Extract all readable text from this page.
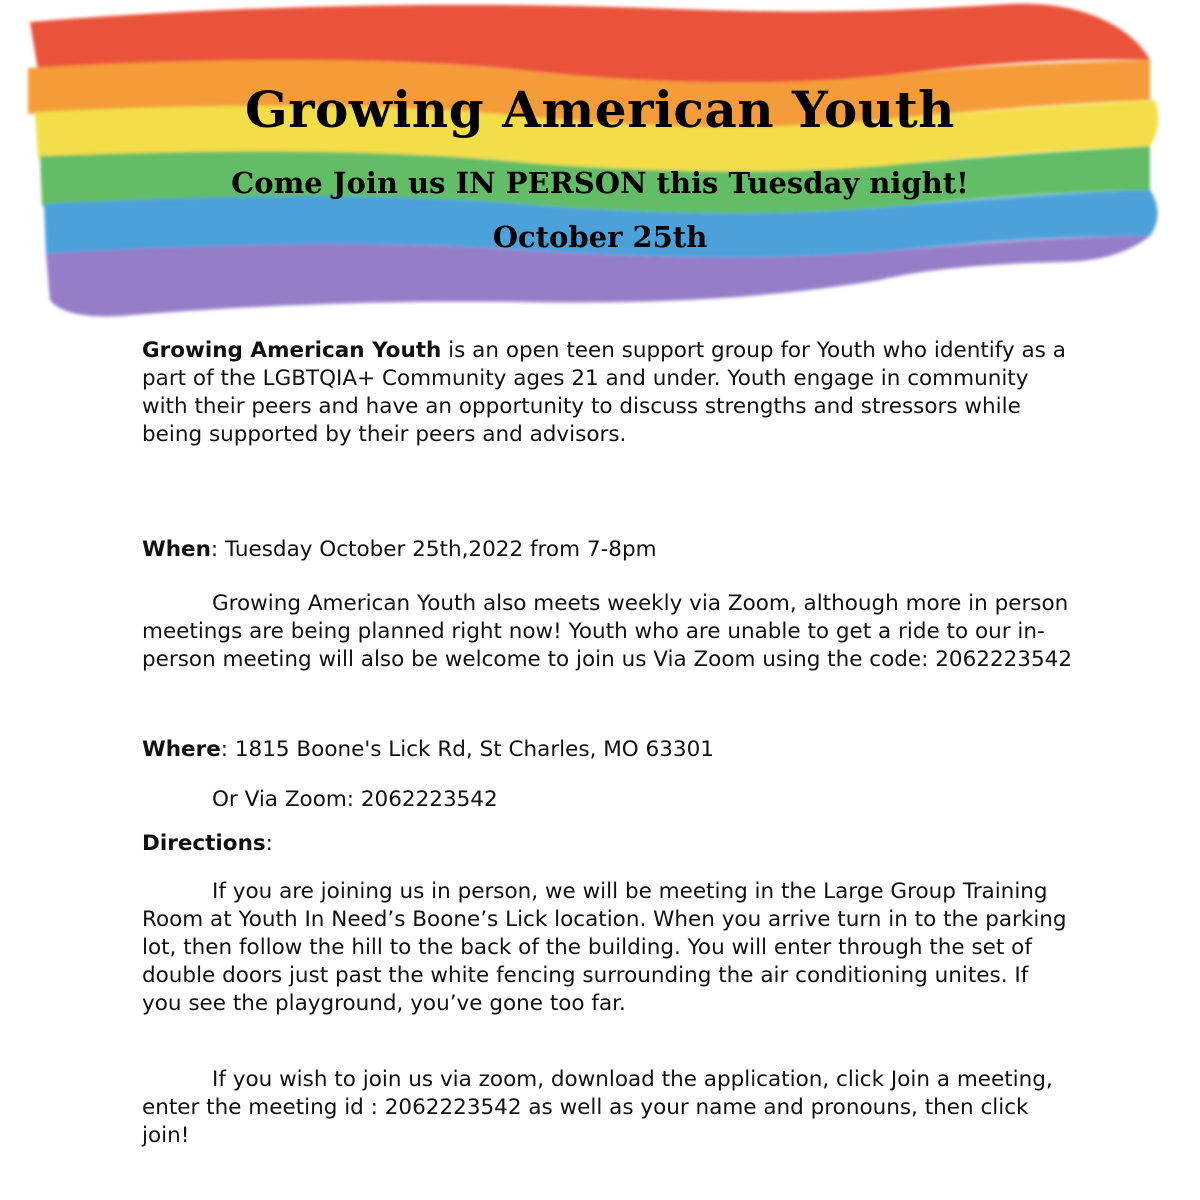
Growing American Youth
Come Join us IN PERSON this Tuesday night!
October 25th

Growing American Youth is an open teen support group for Youth who identify as a part of the LGBTQIA+ Community ages 21 and under. Youth engage in community with their peers and have an opportunity to discuss strengths and stressors while being supported by their peers and advisors.

When: Tuesday October 25th,2022 from 7-8pm

Growing American Youth also meets weekly via Zoom, although more in person meetings are being planned right now! Youth who are unable to get a ride to our in-person meeting will also be welcome to join us Via Zoom using the code: 2062223542

Where: 1815 Boone's Lick Rd, St Charles, MO 63301

Or Via Zoom: 2062223542

Directions:

If you are joining us in person, we will be meeting in the Large Group Training Room at Youth In Need’s Boone’s Lick location. When you arrive turn in to the parking lot, then follow the hill to the back of the building. You will enter through the set of double doors just past the white fencing surrounding the air conditioning unites. If you see the playground, you’ve gone too far.

If you wish to join us via zoom, download the application, click Join a meeting, enter the meeting id : 2062223542 as well as your name and pronouns, then click join!
